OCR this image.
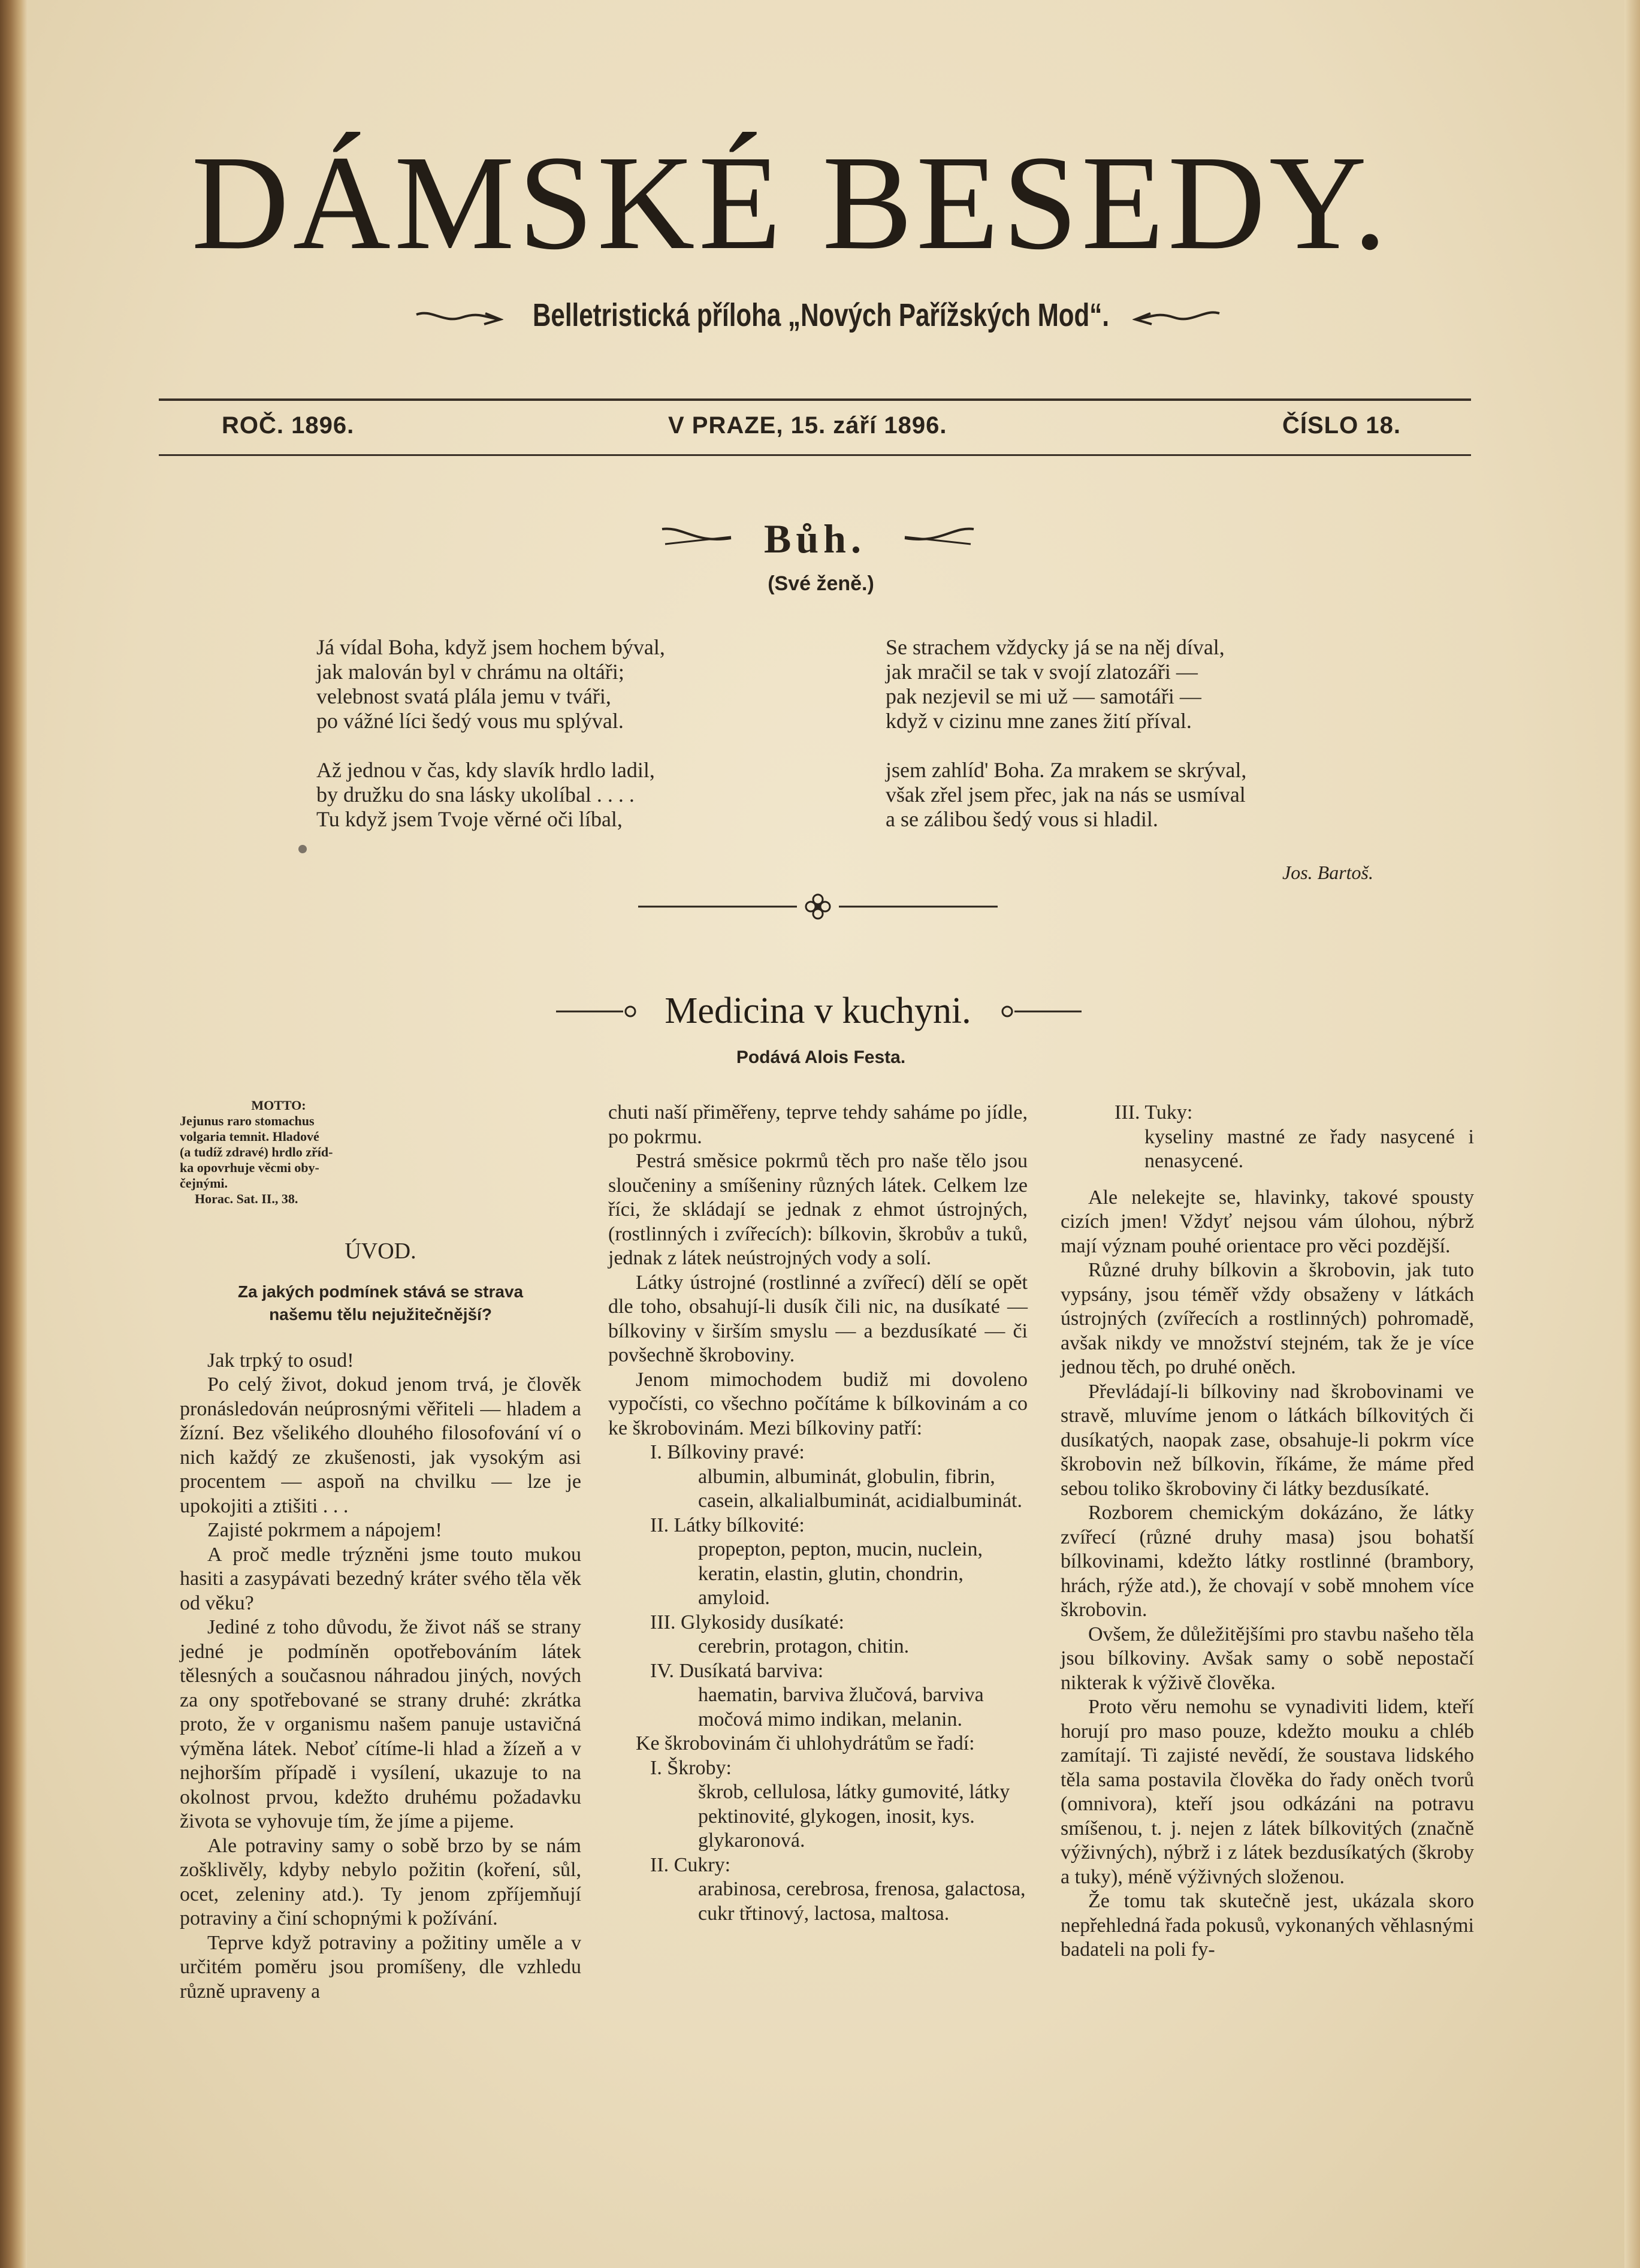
DÁMSKÉ BESEDY.
Belletristická příloha „Nových Pařížských Mod“.
ROČ. 1896.	V PRAZE, 15. září 1896.	ČÍSLO 18.
Bůh.
(Své ženě.)
Já vídal Boha, když jsem hochem býval,
jak malován byl v chrámu na oltáři;
velebnost svatá plála jemu v tváři,
po vážné líci šedý vous mu splýval.
Až jednou v čas, kdy slavík hrdlo ladil,
by družku do sna lásky ukolíbal . . . .
Tu když jsem Tvoje věrné oči líbal,
Se strachem vždycky já se na něj díval,
jak mračil se tak v svojí zlatozáři —
pak nezjevil se mi už — samotáři —
když v cizinu mne zanes žití příval.
jsem zahlíd' Boha. Za mrakem se skrýval,
však zřel jsem přec, jak na nás se usmíval
a se zálibou šedý vous si hladil.
Jos. Bartoš.
Medicina v kuchyni.
Podává Alois Festa.
MOTTO:
Jejunus raro stomachus
volgaria temnit. Hladové
(a tudíž zdravé) hrdlo zříd-
ka opovrhuje věcmi oby-
čejnými.
Horac. Sat. II., 38.

ÚVOD.

Za jakých podmínek stává se strava

našemu tělu nejužitečnější?

Jak trpký to osud!

Po celý život, dokud jenom trvá, je člověk pronásledován neúprosnými věřiteli — hladem a žízní. Bez všelikého dlouhého filosofování ví o nich každý ze zkušenosti, jak vysokým asi procentem — aspoň na chvilku — lze je upokojiti a ztišiti . . .

Zajisté pokrmem a nápojem!

A proč medle trýzněni jsme touto mukou hasiti a zasypávati bezedný kráter svého těla věk od věku?

Jediné z toho důvodu, že život náš se strany jedné je podmíněn opotřebováním látek tělesných a současnou náhradou jiných, nových za ony spotřebované se strany druhé: zkrátka proto, že v organismu našem panuje ustavičná výměna látek. Neboť cítíme-li hlad a žízeň a v nejhorším případě i vysílení, ukazuje to na okolnost prvou, kdežto druhému požadavku života se vyhovuje tím, že jíme a pijeme.

Ale potraviny samy o sobě brzo by se nám zošklivěly, kdyby nebylo požitin (koření, sůl, ocet, zeleniny atd.). Ty jenom zpříjemňují potraviny a činí schopnými k požívání.

Teprve když potraviny a požitiny uměle a v určitém poměru jsou promíšeny, dle vzhledu různě upraveny a

chuti naší přiměřeny, teprve tehdy saháme po jídle, po pokrmu.

Pestrá směsice pokrmů těch pro naše tělo jsou sloučeniny a smíšeniny různých látek. Celkem lze říci, že skládají se jednak z ehmot ústrojných, (rostlinných i zvířecích): bílkovin, škrobův a tuků, jednak z látek neústrojných vody a solí.

Látky ústrojné (rostlinné a zvířecí) dělí se opět dle toho, obsahují-li dusík čili nic, na dusíkaté — bílkoviny v širším smyslu — a bezdusíkaté — či povšechně škroboviny.

Jenom mimochodem budiž mi dovoleno vypočísti, co všechno počítáme k bílkovinám a co ke škrobovinám. Mezi bílkoviny patří:

I. Bílkoviny pravé:
albumin, albuminát, globulin, fibrin, casein, alkalialbuminát, acidialbuminát.
II. Látky bílkovité:
propepton, pepton, mucin, nuclein, keratin, elastin, glutin, chondrin, amyloid.
III. Glykosidy dusíkaté:
cerebrin, protagon, chitin.
IV. Dusíkatá barviva:
haematin, barviva žlučová, barviva močová mimo indikan, melanin.

Ke škrobovinám či uhlohydrátům se řadí:

I. Škroby:
škrob, cellulosa, látky gumovité, látky pektinovité, glykogen, inosit, kys. glykaronová.
II. Cukry:
arabinosa, cerebrosa, frenosa, galactosa, cukr třtinový, lactosa, maltosa.
III. Tuky:
kyseliny mastné ze řady nasycené i nenasycené.

Ale nelekejte se, hlavinky, takové spousty cizích jmen! Vždyť nejsou vám úlohou, nýbrž mají význam pouhé orientace pro věci pozdější.

Různé druhy bílkovin a škrobovin, jak tuto vypsány, jsou téměř vždy obsaženy v látkách ústrojných (zvířecích a rostlinných) pohromadě, avšak nikdy ve množství stejném, tak že je více jednou těch, po druhé oněch.

Převládají-li bílkoviny nad škrobovinami ve stravě, mluvíme jenom o látkách bílkovitých či dusíkatých, naopak zase, obsahuje-li pokrm více škrobovin než bílkovin, říkáme, že máme před sebou toliko škroboviny či látky bezdusíkaté.

Rozborem chemickým dokázáno, že látky zvířecí (různé druhy masa) jsou bohatší bílkovinami, kdežto látky rostlinné (brambory, hrách, rýže atd.), že chovají v sobě mnohem více škrobovin.

Ovšem, že důležitějšími pro stavbu našeho těla jsou bílkoviny. Avšak samy o sobě nepostačí nikterak k výživě člověka.

Proto věru nemohu se vynadiviti lidem, kteří horují pro maso pouze, kdežto mouku a chléb zamítají. Ti zajisté nevědí, že soustava lidského těla sama postavila člověka do řady oněch tvorů (omnivora), kteří jsou odkázáni na potravu smíšenou, t. j. nejen z látek bílkovitých (značně výživných), nýbrž i z látek bezdusíkatých (škroby a tuky), méně výživných složenou.

Že tomu tak skutečně jest, ukázala skoro nepřehledná řada pokusů, vykonaných věhlasnými badateli na poli fy-
